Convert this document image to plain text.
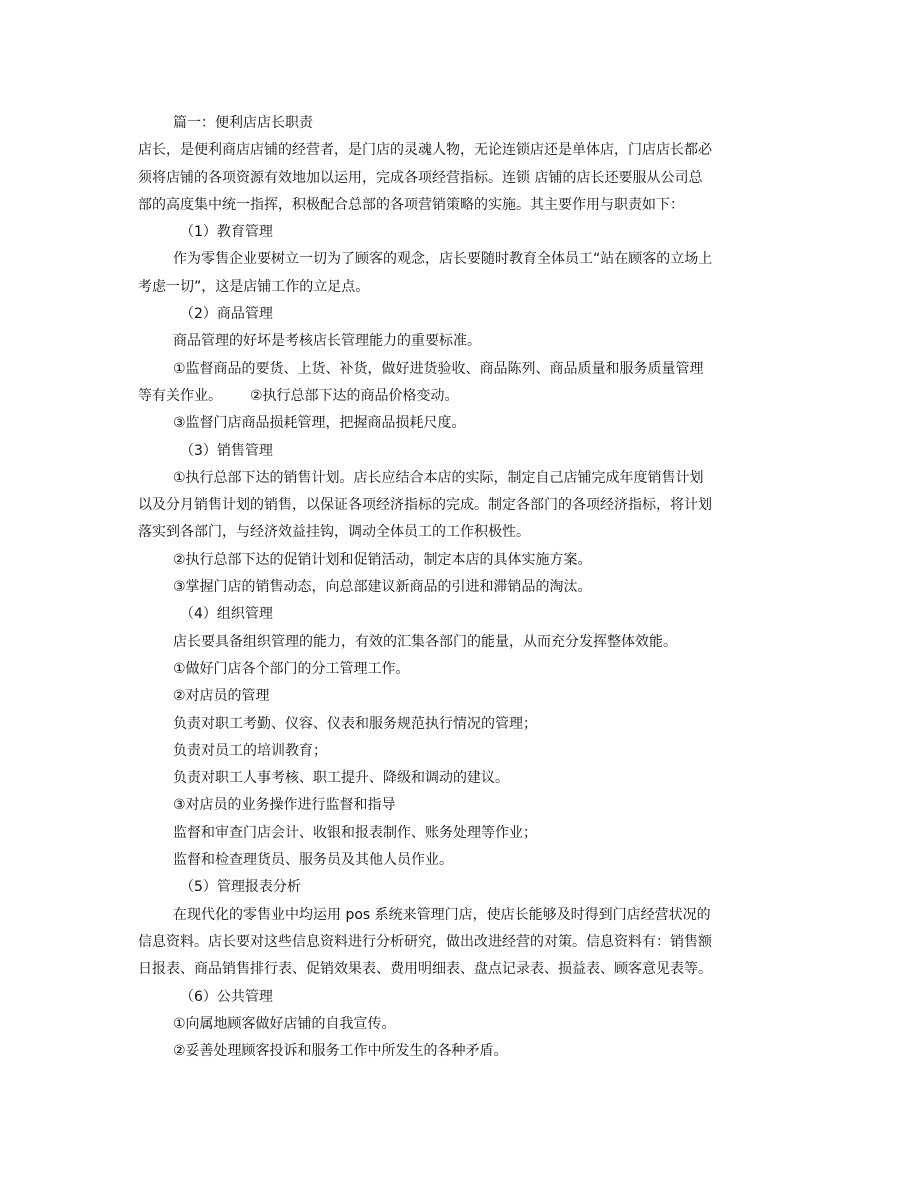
篇一：便利店店长职责
店长，是便利商店店铺的经营者，是门店的灵魂人物，无论连锁店还是单体店，门店店长都必
须将店铺的各项资源有效地加以运用，完成各项经营指标。连锁 店铺的店长还要服从公司总
部的高度集中统一指挥，积极配合总部的各项营销策略的实施。其主要作用与职责如下：
（1）教育管理
作为零售企业要树立一切为了顾客的观念，店长要随时教育全体员工“站在顾客的立场上
考虑一切”，这是店铺工作的立足点。
（2）商品管理
商品管理的好坏是考核店长管理能力的重要标准。
①监督商品的要货、上货、补货，做好进货验收、商品陈列、商品质量和服务质量管理
等有关作业。 ②执行总部下达的商品价格变动。
③监督门店商品损耗管理，把握商品损耗尺度。
（3）销售管理
①执行总部下达的销售计划。店长应结合本店的实际，制定自己店铺完成年度销售计划
以及分月销售计划的销售，以保证各项经济指标的完成。制定各部门的各项经济指标，将计划
落实到各部门，与经济效益挂钩，调动全体员工的工作积极性。
②执行总部下达的促销计划和促销活动，制定本店的具体实施方案。
③掌握门店的销售动态，向总部建议新商品的引进和滞销品的淘汰。
（4）组织管理
店长要具备组织管理的能力，有效的汇集各部门的能量，从而充分发挥整体效能。
①做好门店各个部门的分工管理工作。
②对店员的管理
负责对职工考勤、仪容、仪表和服务规范执行情况的管理；
负责对员工的培训教育；
负责对职工人事考核、职工提升、降级和调动的建议。
③对店员的业务操作进行监督和指导
监督和审查门店会计、收银和报表制作、账务处理等作业；
监督和检查理货员、服务员及其他人员作业。
（5）管理报表分析
在现代化的零售业中均运用 pos 系统来管理门店，使店长能够及时得到门店经营状况的
信息资料。店长要对这些信息资料进行分析研究，做出改进经营的对策。信息资料有：销售额
日报表、商品销售排行表、促销效果表、费用明细表、盘点记录表、损益表、顾客意见表等。
（6）公共管理
①向属地顾客做好店铺的自我宣传。
②妥善处理顾客投诉和服务工作中所发生的各种矛盾。
